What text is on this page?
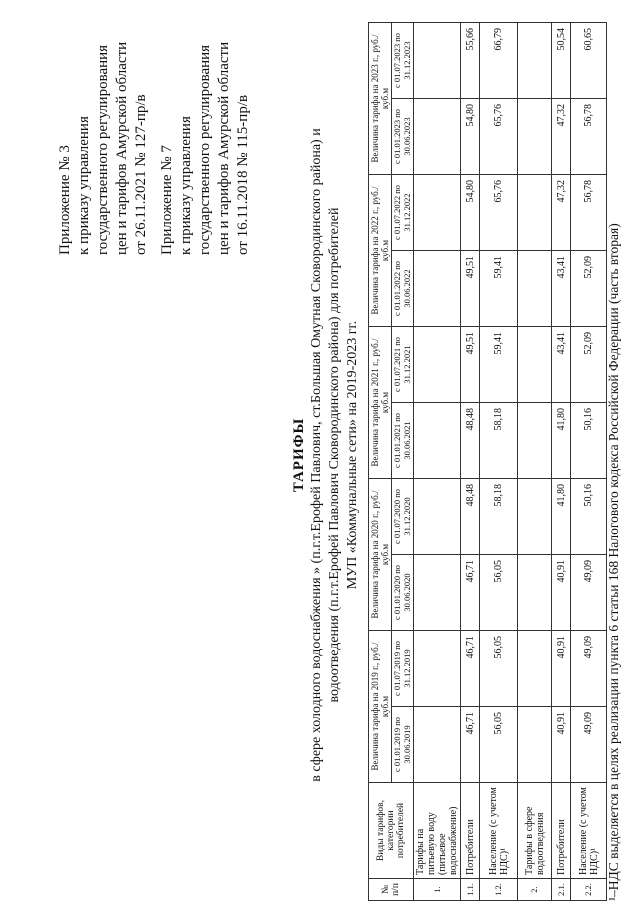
Приложение № 3 к приказу управления государственного регулирования цен и тарифов Амурской области от 26.11.2021 № 127-пр/в Приложение № 7 к приказу управления государственного регулирования цен и тарифов Амурской области от 16.11.2018 № 115-пр/в
ТАРИФЫ в сфере холодного водоснабжения » (п.г.т.Ерофей Павлович, ст.Большая Омутная Сковородинского района) и водоотведения (п.г.т.Ерофей Павлович Сковородинского района) для потребителей МУП «Коммунальные сети» на 2019-2023 гг.
№ п/п	Виды тарифов, категории потребителей	Величина тарифа на 2019 г., руб./куб.м		Величина тарифа на 2020 г., руб./куб.м		Величина тарифа на 2021 г., руб./куб.м		Величина тарифа на 2022 г., руб./куб.м		Величина тарифа на 2023 г., руб./куб.м	
		с 01.01.2019 по 30.06.2019	с 01.07.2019 по 31.12.2019	с 01.01.2020 по 30.06.2020	с 01.07.2020 по 31.12.2020	с 01.01.2021 по 30.06.2021	с 01.07.2021 по 31.12.2021	с 01.01.2022 по 30.06.2022	с 01.07.2022 по 31.12.2022	с 01.01.2023 по 30.06.2023	с 01.07.2023 по 31.12.2023
1.	Тарифы на питьевую воду (питьевое водоснабжение)										
1.1.	Потребители	46,71	46,71	46,71	48,48	48,48	49,51	49,51	54,80	54,80	55,66
1.2.	Население (с учетом НДС)¹	56,05	56,05	56,05	58,18	58,18	59,41	59,41	65,76	65,76	66,79
2.	Тарифы в сфере водоотведения										
2.1.	Потребители	40,91	40,91	40,91	41,80	41,80	43,41	43,41	47,32	47,32	50,54
2.2.	Население (с учетом НДС)¹	49,09	49,09	49,09	50,16	50,16	52,09	52,09	56,78	56,78	60,65
¹–НДС выделяется в целях реализации пункта 6 статьи 168 Налогового кодекса Российской Федерации (часть вторая)
